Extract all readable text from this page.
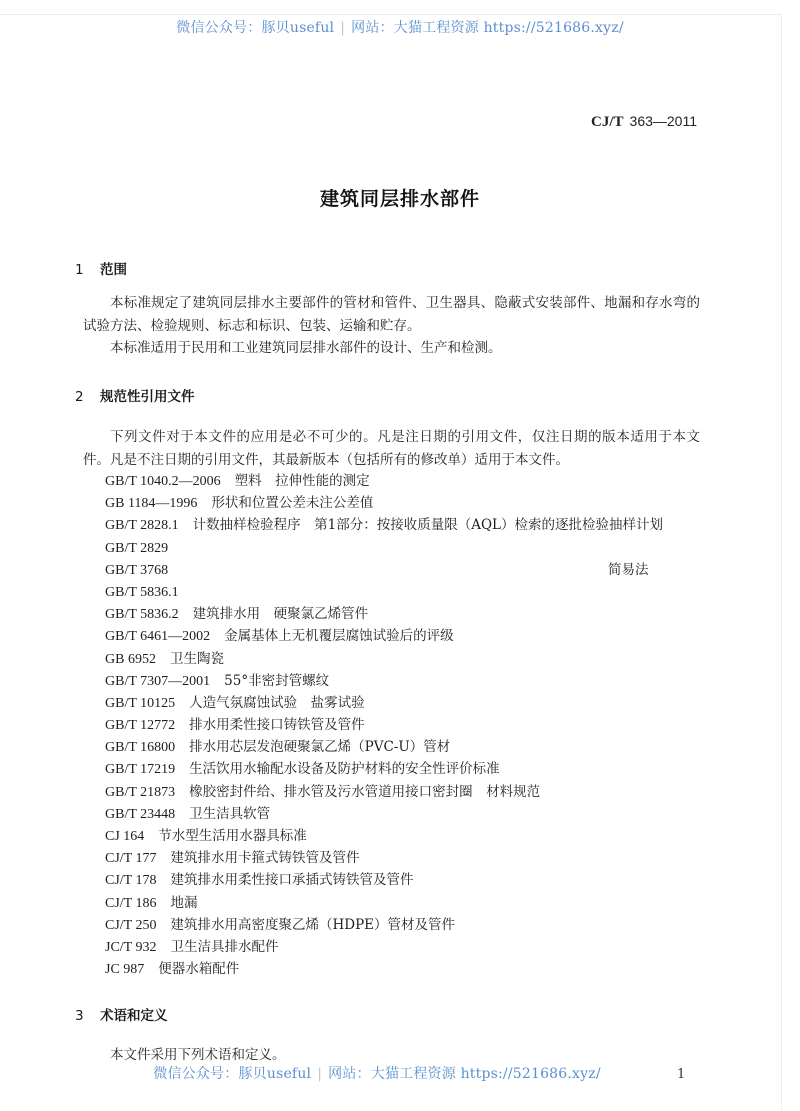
微信公众号：豚贝useful | 网站：大猫工程资源 https://521686.xyz/
CJ/T 363—2011
建筑同层排水部件
1 范围
本标准规定了建筑同层排水主要部件的管材和管件、卫生器具、隐蔽式安装部件、地漏和存水弯的试验方法、检验规则、标志和标识、包装、运输和贮存。
本标准适用于民用和工业建筑同层排水部件的设计、生产和检测。
2 规范性引用文件
下列文件对于本文件的应用是必不可少的。凡是注日期的引用文件，仅注日期的版本适用于本文件。凡是不注日期的引用文件，其最新版本（包括所有的修改单）适用于本文件。
GB/T 1040.2—2006 塑料　拉伸性能的测定
GB 1184—1996 形状和位置公差未注公差值
GB/T 2828.1 计数抽样检验程序　第1部分：按接收质量限（AQL）检索的逐批检验抽样计划
GB/T 2829
GB/T 3768	简易法
GB/T 5836.1
GB/T 5836.2 建筑排水用　硬聚氯乙烯管件
GB/T 6461—2002 金属基体上无机覆层腐蚀试验后的评级
GB 6952 卫生陶瓷
GB/T 7307—2001 55°非密封管螺纹
GB/T 10125 人造气氛腐蚀试验　盐雾试验
GB/T 12772 排水用柔性接口铸铁管及管件
GB/T 16800 排水用芯层发泡硬聚氯乙烯（PVC-U）管材
GB/T 17219 生活饮用水输配水设备及防护材料的安全性评价标准
GB/T 21873 橡胶密封件给、排水管及污水管道用接口密封圈　材料规范
GB/T 23448 卫生洁具软管
CJ 164 节水型生活用水器具标准
CJ/T 177 建筑排水用卡箍式铸铁管及管件
CJ/T 178 建筑排水用柔性接口承插式铸铁管及管件
CJ/T 186 地漏
CJ/T 250 建筑排水用高密度聚乙烯（HDPE）管材及管件
JC/T 932 卫生洁具排水配件
JC 987 便器水箱配件
3 术语和定义
本文件采用下列术语和定义。
微信公众号：豚贝useful | 网站：大猫工程资源 https://521686.xyz/	1
